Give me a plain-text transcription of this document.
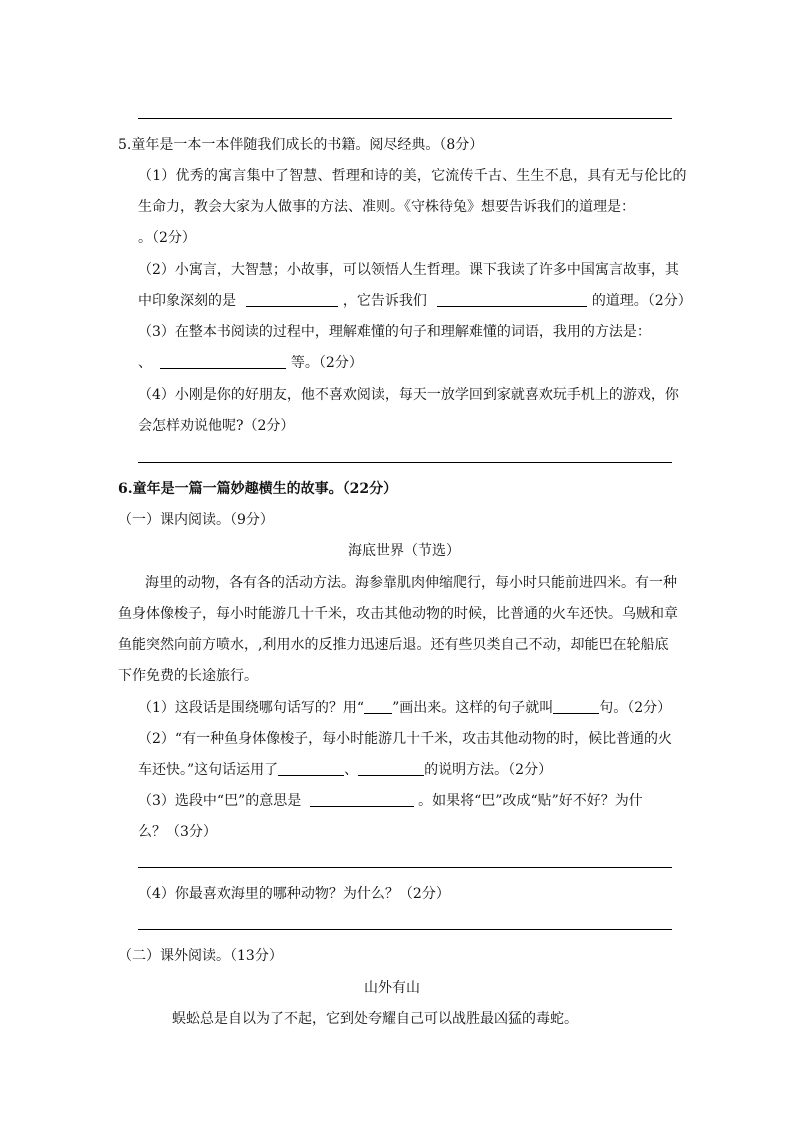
5.童年是一本一本伴随我们成长的书籍。阅尽经典。（8分）
（1）优秀的寓言集中了智慧、哲理和诗的美，它流传千古、生生不息，具有无与伦比的
生命力，教会大家为人做事的方法、准则。《守株待兔》想要告诉我们的道理是：
。（2分）
（2）小寓言，大智慧；小故事，可以领悟人生哲理。课下我读了许多中国寓言故事，其
中印象深刻的是	，它告诉我们	的道理。（2分）
（3）在整本书阅读的过程中，理解难懂的句子和理解难懂的词语，我用的方法是：
、	等。（2分）
（4）小刚是你的好朋友，他不喜欢阅读，每天一放学回到家就喜欢玩手机上的游戏，你
会怎样劝说他呢?（2分）
6.童年是一篇一篇妙趣横生的故事。（22分）
（一）课内阅读。（9分）
海底世界（节选）
海里的动物，各有各的活动方法。海参靠肌肉伸缩爬行，每小时只能前进四米。有一种
鱼身体像梭子，每小时能游几十千米，攻击其他动物的时候，比普通的火车还快。乌贼和章
鱼能突然向前方喷水，,利用水的反推力迅速后退。还有些贝类自己不动，却能巴在轮船底
下作免费的长途旅行。
（1）这段话是围绕哪句话写的？用“ ”画出来。这样的句子就叫	句。（2分）
（2）“有一种鱼身体像梭子，每小时能游几十千米，攻击其他动物的时，候比普通的火
车还快。”这句话运用了	、	的说明方法。（2分）
（3）选段中“巴”的意思是	。如果将“巴”改成“贴”好不好？为什
么？（3分）
（4）你最喜欢海里的哪种动物？为什么？（2分）
（二）课外阅读。（13分）
山外有山
蜈蚣总是自以为了不起，它到处夸耀自己可以战胜最凶猛的毒蛇。
